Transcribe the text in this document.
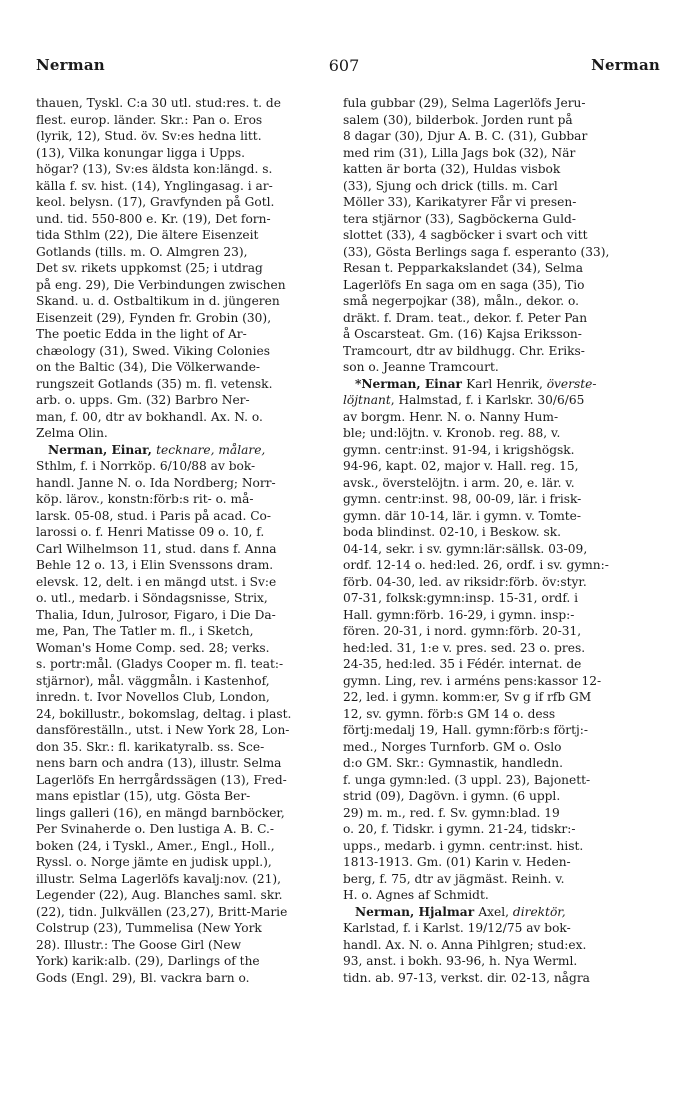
Nerman	607	Nerman
thauen, Tyskl. C:a 30 utl. stud:res. t. de
flest. europ. länder. Skr.: Pan o. Eros
(lyrik, 12), Stud. öv. Sv:es hedna litt.
(13), Vilka konungar ligga i Upps.
högar? (13), Sv:es äldsta kon:längd. s.
källa f. sv. hist. (14), Ynglingasag. i ar-
keol. belysn. (17), Gravfynden på Gotl.
und. tid. 550-800 e. Kr. (19), Det forn-
tida Sthlm (22), Die ältere Eisenzeit
Gotlands (tills. m. O. Almgren 23),
Det sv. rikets uppkomst (25; i utdrag
på eng. 29), Die Verbindungen zwischen
Skand. u. d. Ostbaltikum in d. jüngeren
Eisenzeit (29), Fynden fr. Grobin (30),
The poetic Edda in the light of Ar-
chæology (31), Swed. Viking Colonies
on the Baltic (34), Die Völkerwande-
rungszeit Gotlands (35) m. fl. vetensk.
arb. o. upps. Gm. (32) Barbro Ner-
man, f. 00, dtr av bokhandl. Ax. N. o.
Zelma Olin.
Nerman, Einar, tecknare, målare,
Sthlm, f. i Norrköp. 6/10/88 av bok-
handl. Janne N. o. Ida Nordberg; Norr-
köp. lärov., konstn:förb:s rit- o. må-
larsk. 05-08, stud. i Paris på acad. Co-
larossi o. f. Henri Matisse 09 o. 10, f.
Carl Wilhelmson 11, stud. dans f. Anna
Behle 12 o. 13, i Elin Svenssons dram.
elevsk. 12, delt. i en mängd utst. i Sv:e
o. utl., medarb. i Söndagsnisse, Strix,
Thalia, Idun, Julrosor, Figaro, i Die Da-
me, Pan, The Tatler m. fl., i Sketch,
Woman's Home Comp. sed. 28; verks.
s. portr:mål. (Gladys Cooper m. fl. teat:-
stjärnor), mål. väggmåln. i Kastenhof,
inredn. t. Ivor Novellos Club, London,
24, bokillustr., bokomslag, deltag. i plast.
dansföreställn., utst. i New York 28, Lon-
don 35. Skr.: fl. karikatyralb. ss. Sce-
nens barn och andra (13), illustr. Selma
Lagerlöfs En herrgårdssägen (13), Fred-
mans epistlar (15), utg. Gösta Ber-
lings galleri (16), en mängd barnböcker,
Per Svinaherde o. Den lustiga A. B. C.-
boken (24, i Tyskl., Amer., Engl., Holl.,
Ryssl. o. Norge jämte en judisk uppl.),
illustr. Selma Lagerlöfs kavalj:nov. (21),
Legender (22), Aug. Blanches saml. skr.
(22), tidn. Julkvällen (23,27), Britt-Marie
Colstrup (23), Tummelisa (New York
28). Illustr.: The Goose Girl (New
York) karik:alb. (29), Darlings of the
Gods (Engl. 29), Bl. vackra barn o.
fula gubbar (29), Selma Lagerlöfs Jeru-
salem (30), bilderbok. Jorden runt på
8 dagar (30), Djur A. B. C. (31), Gubbar
med rim (31), Lilla Jags bok (32), När
katten är borta (32), Huldas visbok
(33), Sjung och drick (tills. m. Carl
Möller 33), Karikatyrer Får vi presen-
tera stjärnor (33), Sagböckerna Guld-
slottet (33), 4 sagböcker i svart och vitt
(33), Gösta Berlings saga f. esperanto (33),
Resan t. Pepparkakslandet (34), Selma
Lagerlöfs En saga om en saga (35), Tio
små negerpojkar (38), måln., dekor. o.
dräkt. f. Dram. teat., dekor. f. Peter Pan
å Oscarsteat. Gm. (16) Kajsa Eriksson-
Tramcourt, dtr av bildhugg. Chr. Eriks-
son o. Jeanne Tramcourt.
*Nerman, Einar Karl Henrik, överste-
löjtnant, Halmstad, f. i Karlskr. 30/6/65
av borgm. Henr. N. o. Nanny Hum-
ble; und:löjtn. v. Kronob. reg. 88, v.
gymn. centr:inst. 91-94, i krigshögsk.
94-96, kapt. 02, major v. Hall. reg. 15,
avsk., överstelöjtn. i arm. 20, e. lär. v.
gymn. centr:inst. 98, 00-09, lär. i frisk-
gymn. där 10-14, lär. i gymn. v. Tomte-
boda blindinst. 02-10, i Beskow. sk.
04-14, sekr. i sv. gymn:lär:sällsk. 03-09,
ordf. 12-14 o. hed:led. 26, ordf. i sv. gymn:-
förb. 04-30, led. av riksidr:förb. öv:styr.
07-31, folksk:gymn:insp. 15-31, ordf. i
Hall. gymn:förb. 16-29, i gymn. insp:-
fören. 20-31, i nord. gymn:förb. 20-31,
hed:led. 31, 1:e v. pres. sed. 23 o. pres.
24-35, hed:led. 35 i Fédér. internat. de
gymn. Ling, rev. i arméns pens:kassor 12-
22, led. i gymn. komm:er, Sv g if rfb GM
12, sv. gymn. förb:s GM 14 o. dess
förtj:medalj 19, Hall. gymn:förb:s förtj:-
med., Norges Turnforb. GM o. Oslo
d:o GM. Skr.: Gymnastik, handledn.
f. unga gymn:led. (3 uppl. 23), Bajonett-
strid (09), Dagövn. i gymn. (6 uppl.
29) m. m., red. f. Sv. gymn:blad. 19
o. 20, f. Tidskr. i gymn. 21-24, tidskr:-
upps., medarb. i gymn. centr:inst. hist.
1813-1913. Gm. (01) Karin v. Heden-
berg, f. 75, dtr av jägmäst. Reinh. v.
H. o. Agnes af Schmidt.
Nerman, Hjalmar Axel, direktör,
Karlstad, f. i Karlst. 19/12/75 av bok-
handl. Ax. N. o. Anna Pihlgren; stud:ex.
93, anst. i bokh. 93-96, h. Nya Werml.
tidn. ab. 97-13, verkst. dir. 02-13, några
